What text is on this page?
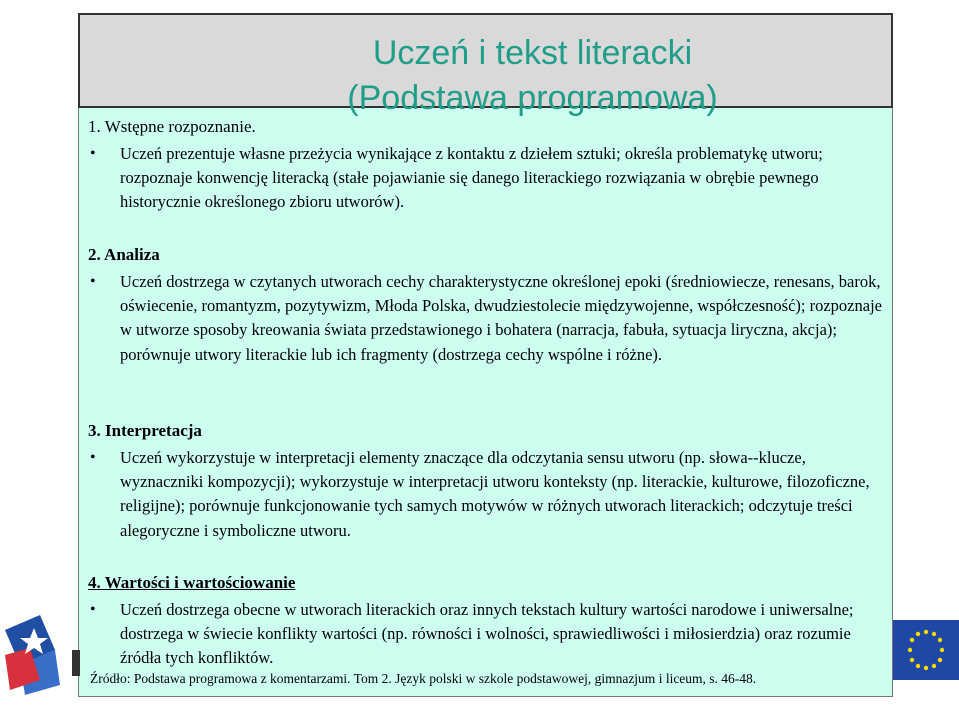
Uczeń i tekst literacki
(Podstawa programowa)
1. Wstępne rozpoznanie.
• Uczeń prezentuje własne przeżycia wynikające z kontaktu z dziełem sztuki; określa problematykę utworu; rozpoznaje konwencję literacką (stałe pojawianie się danego literackiego rozwiązania w obrębie pewnego historycznie określonego zbioru utworów).
2. Analiza
• Uczeń dostrzega w czytanych utworach cechy charakterystyczne określonej epoki (średniowiecze, renesans, barok, oświecenie, romantyzm, pozytywizm, Młoda Polska, dwudziestolecie międzywojenne, współczesność); rozpoznaje w utworze sposoby kreowania świata przedstawionego i bohatera (narracja, fabuła, sytuacja liryczna, akcja); porównuje utwory literackie lub ich fragmenty (dostrzega cechy wspólne i różne).
3. Interpretacja
• Uczeń wykorzystuje w interpretacji elementy znaczące dla odczytania sensu utworu (np. słowa--klucze, wyznaczniki kompozycji); wykorzystuje w interpretacji utworu konteksty (np. literackie, kulturowe, filozoficzne, religijne); porównuje funkcjonowanie tych samych motywów w różnych utworach literackich; odczytuje treści alegoryczne i symboliczne utworu.
4. Wartości i wartościowanie
• Uczeń dostrzega obecne w utworach literackich oraz innych tekstach kultury wartości narodowe i uniwersalne; dostrzega w świecie konflikty wartości (np. równości i wolności, sprawiedliwości i miłosierdzia) oraz rozumie źródła tych konfliktów.
Źródło: Podstawa programowa z komentarzami. Tom 2. Język polski w szkole podstawowej, gimnazjum i liceum, s. 46-48.
